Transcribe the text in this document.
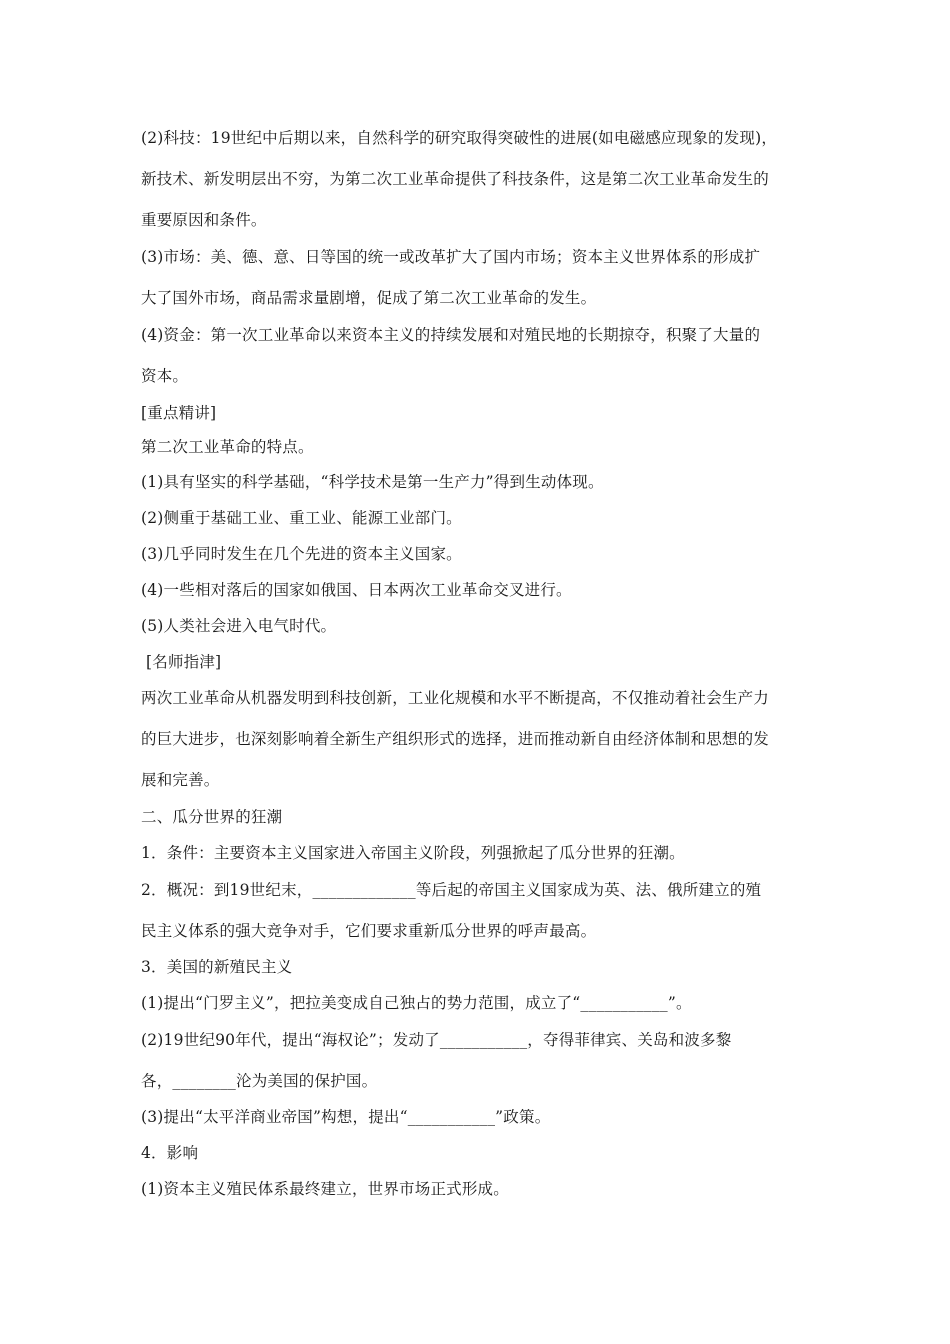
(2)科技：19世纪中后期以来，自然科学的研究取得突破性的进展(如电磁感应现象的发现)，
新技术、新发明层出不穷，为第二次工业革命提供了科技条件，这是第二次工业革命发生的
重要原因和条件。
(3)市场：美、德、意、日等国的统一或改革扩大了国内市场；资本主义世界体系的形成扩
大了国外市场，商品需求量剧增，促成了第二次工业革命的发生。
(4)资金：第一次工业革命以来资本主义的持续发展和对殖民地的长期掠夺，积聚了大量的
资本。
[重点精讲]
第二次工业革命的特点。
(1)具有坚实的科学基础，“科学技术是第一生产力”得到生动体现。
(2)侧重于基础工业、重工业、能源工业部门。
(3)几乎同时发生在几个先进的资本主义国家。
(4)一些相对落后的国家如俄国、日本两次工业革命交叉进行。
(5)人类社会进入电气时代。
[名师指津]
两次工业革命从机器发明到科技创新，工业化规模和水平不断提高，不仅推动着社会生产力
的巨大进步，也深刻影响着全新生产组织形式的选择，进而推动新自由经济体制和思想的发
展和完善。
二、瓜分世界的狂潮
1．条件：主要资本主义国家进入帝国主义阶段，列强掀起了瓜分世界的狂潮。
2．概况：到19世纪末，_____________等后起的帝国主义国家成为英、法、俄所建立的殖
民主义体系的强大竞争对手，它们要求重新瓜分世界的呼声最高。
3．美国的新殖民主义
(1)提出“门罗主义”，把拉美变成自己独占的势力范围，成立了“___________”。
(2)19世纪90年代，提出“海权论”；发动了___________，夺得菲律宾、关岛和波多黎
各，________沦为美国的保护国。
(3)提出“太平洋商业帝国”构想，提出“___________”政策。
4．影响
(1)资本主义殖民体系最终建立，世界市场正式形成。
